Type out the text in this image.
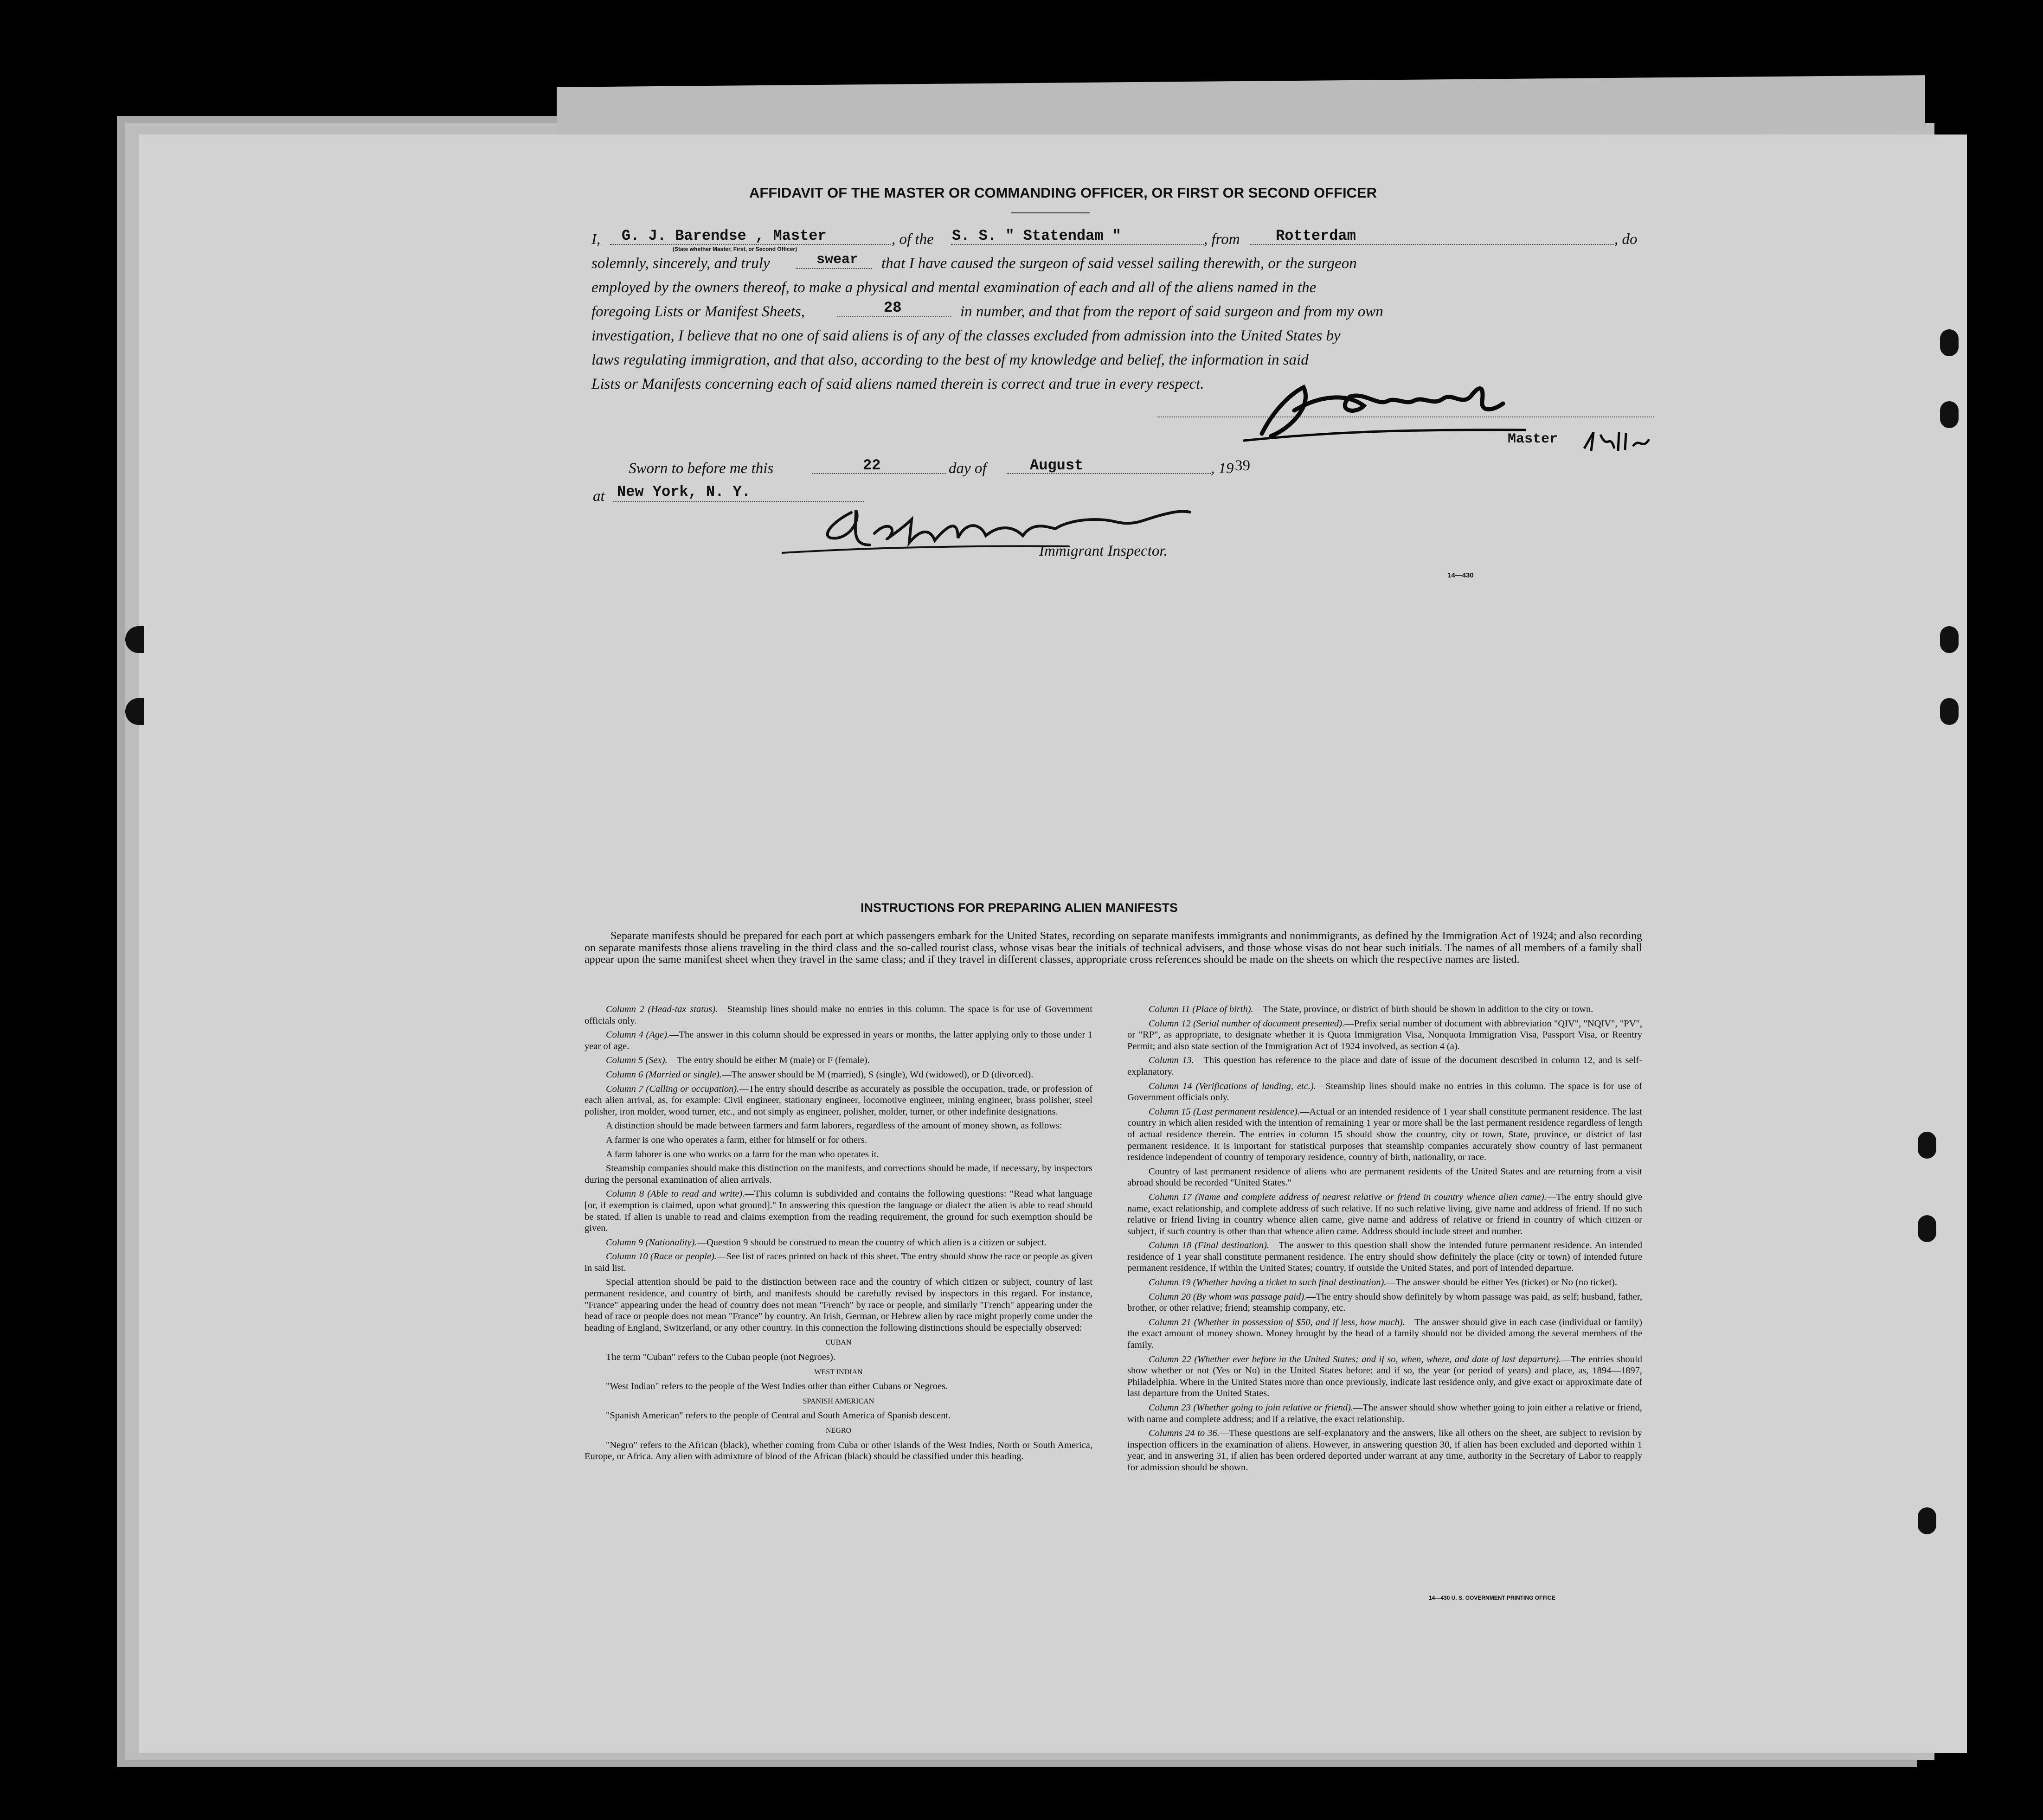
AFFIDAVIT OF THE MASTER OR COMMANDING OFFICER, OR FIRST OR SECOND OFFICER
I, G. J. Barendse , Master
(State whether Master, First, or Second Officer)
, of the S. S. " Statendam "	, from Rotterdam	, do
solemnly, sincerely, and truly	swear that I have caused the surgeon of said vessel sailing therewith, or the surgeon
employed by the owners thereof, to make a physical and mental examination of each and all of the aliens named in the
foregoing Lists or Manifest Sheets,	28	in number, and that from the report of said surgeon and from my own
investigation, I believe that no one of said aliens is of any of the classes excluded from admission into the United States by
laws regulating immigration, and that also, according to the best of my knowledge and belief, the information in said
Lists or Manifests concerning each of said aliens named therein is correct and true in every respect.
Master
Sworn to before me this	22	day of	August	, 19 39
at New York, N. Y.
Immigrant Inspector.
14—430
INSTRUCTIONS FOR PREPARING ALIEN MANIFESTS

Separate manifests should be prepared for each port at which passengers embark for the United States, recording on separate manifests immigrants and nonimmigrants, as defined by the Immigration Act of 1924; and also recording on separate manifests those aliens traveling in the third class and the so-called tourist class, whose visas bear the initials of technical advisers, and those whose visas do not bear such initials. The names of all members of a family shall appear upon the same manifest sheet when they travel in the same class; and if they travel in different classes, appropriate cross references should be made on the sheets on which the respective names are listed.

Column 2 (Head-tax status).—Steamship lines should make no entries in this column. The space is for use of Government officials only.

Column 4 (Age).—The answer in this column should be expressed in years or months, the latter applying only to those under 1 year of age.

Column 5 (Sex).—The entry should be either M (male) or F (female).

Column 6 (Married or single).—The answer should be M (married), S (single), Wd (widowed), or D (divorced).

Column 7 (Calling or occupation).—The entry should describe as accurately as possible the occupation, trade, or profession of each alien arrival, as, for example: Civil engineer, stationary engineer, locomotive engineer, mining engineer, brass polisher, steel polisher, iron molder, wood turner, etc., and not simply as engineer, polisher, molder, turner, or other indefinite designations.

A distinction should be made between farmers and farm laborers, regardless of the amount of money shown, as follows:

A farmer is one who operates a farm, either for himself or for others.

A farm laborer is one who works on a farm for the man who operates it.

Steamship companies should make this distinction on the manifests, and corrections should be made, if necessary, by inspectors during the personal examination of alien arrivals.

Column 8 (Able to read and write).—This column is subdivided and contains the following questions: "Read what language [or, if exemption is claimed, upon what ground]." In answering this question the language or dialect the alien is able to read should be stated. If alien is unable to read and claims exemption from the reading requirement, the ground for such exemption should be given.

Column 9 (Nationality).—Question 9 should be construed to mean the country of which alien is a citizen or subject.

Column 10 (Race or people).—See list of races printed on back of this sheet. The entry should show the race or people as given in said list.

Special attention should be paid to the distinction between race and the country of which citizen or subject, country of last permanent residence, and country of birth, and manifests should be carefully revised by inspectors in this regard. For instance, "France" appearing under the head of country does not mean "French" by race or people, and similarly "French" appearing under the head of race or people does not mean "France" by country. An Irish, German, or Hebrew alien by race might properly come under the heading of England, Switzerland, or any other country. In this connection the following distinctions should be especially observed:

CUBAN

The term "Cuban" refers to the Cuban people (not Negroes).

WEST INDIAN

"West Indian" refers to the people of the West Indies other than either Cubans or Negroes.

SPANISH AMERICAN

"Spanish American" refers to the people of Central and South America of Spanish descent.

NEGRO

"Negro" refers to the African (black), whether coming from Cuba or other islands of the West Indies, North or South America, Europe, or Africa. Any alien with admixture of blood of the African (black) should be classified under this heading.

Column 11 (Place of birth).—The State, province, or district of birth should be shown in addition to the city or town.

Column 12 (Serial number of document presented).—Prefix serial number of document with abbreviation "QIV", "NQIV", "PV", or "RP", as appropriate, to designate whether it is Quota Immigration Visa, Nonquota Immigration Visa, Passport Visa, or Reentry Permit; and also state section of the Immigration Act of 1924 involved, as section 4 (a).

Column 13.—This question has reference to the place and date of issue of the document described in column 12, and is self-explanatory.

Column 14 (Verifications of landing, etc.).—Steamship lines should make no entries in this column. The space is for use of Government officials only.

Column 15 (Last permanent residence).—Actual or an intended residence of 1 year shall constitute permanent residence. The last country in which alien resided with the intention of remaining 1 year or more shall be the last permanent residence regardless of length of actual residence therein. The entries in column 15 should show the country, city or town, State, province, or district of last permanent residence. It is important for statistical purposes that steamship companies accurately show country of last permanent residence independent of country of temporary residence, country of birth, nationality, or race.

Country of last permanent residence of aliens who are permanent residents of the United States and are returning from a visit abroad should be recorded "United States."

Column 17 (Name and complete address of nearest relative or friend in country whence alien came).—The entry should give name, exact relationship, and complete address of such relative. If no such relative living, give name and address of friend. If no such relative or friend living in country whence alien came, give name and address of relative or friend in country of which citizen or subject, if such country is other than that whence alien came. Address should include street and number.

Column 18 (Final destination).—The answer to this question shall show the intended future permanent residence. An intended residence of 1 year shall constitute permanent residence. The entry should show definitely the place (city or town) of intended future permanent residence, if within the United States; country, if outside the United States, and port of intended departure.

Column 19 (Whether having a ticket to such final destination).—The answer should be either Yes (ticket) or No (no ticket).

Column 20 (By whom was passage paid).—The entry should show definitely by whom passage was paid, as self; husband, father, brother, or other relative; friend; steamship company, etc.

Column 21 (Whether in possession of $50, and if less, how much).—The answer should give in each case (individual or family) the exact amount of money shown. Money brought by the head of a family should not be divided among the several members of the family.

Column 22 (Whether ever before in the United States; and if so, when, where, and date of last departure).—The entries should show whether or not (Yes or No) in the United States before; and if so, the year (or period of years) and place, as, 1894—1897, Philadelphia. Where in the United States more than once previously, indicate last residence only, and give exact or approximate date of last departure from the United States.

Column 23 (Whether going to join relative or friend).—The answer should show whether going to join either a relative or friend, with name and complete address; and if a relative, the exact relationship.

Columns 24 to 36.—These questions are self-explanatory and the answers, like all others on the sheet, are subject to revision by inspection officers in the examination of aliens. However, in answering question 30, if alien has been excluded and deported within 1 year, and in answering 31, if alien has been ordered deported under warrant at any time, authority in the Secretary of Labor to reapply for admission should be shown.

14—430 U. S. GOVERNMENT PRINTING OFFICE
